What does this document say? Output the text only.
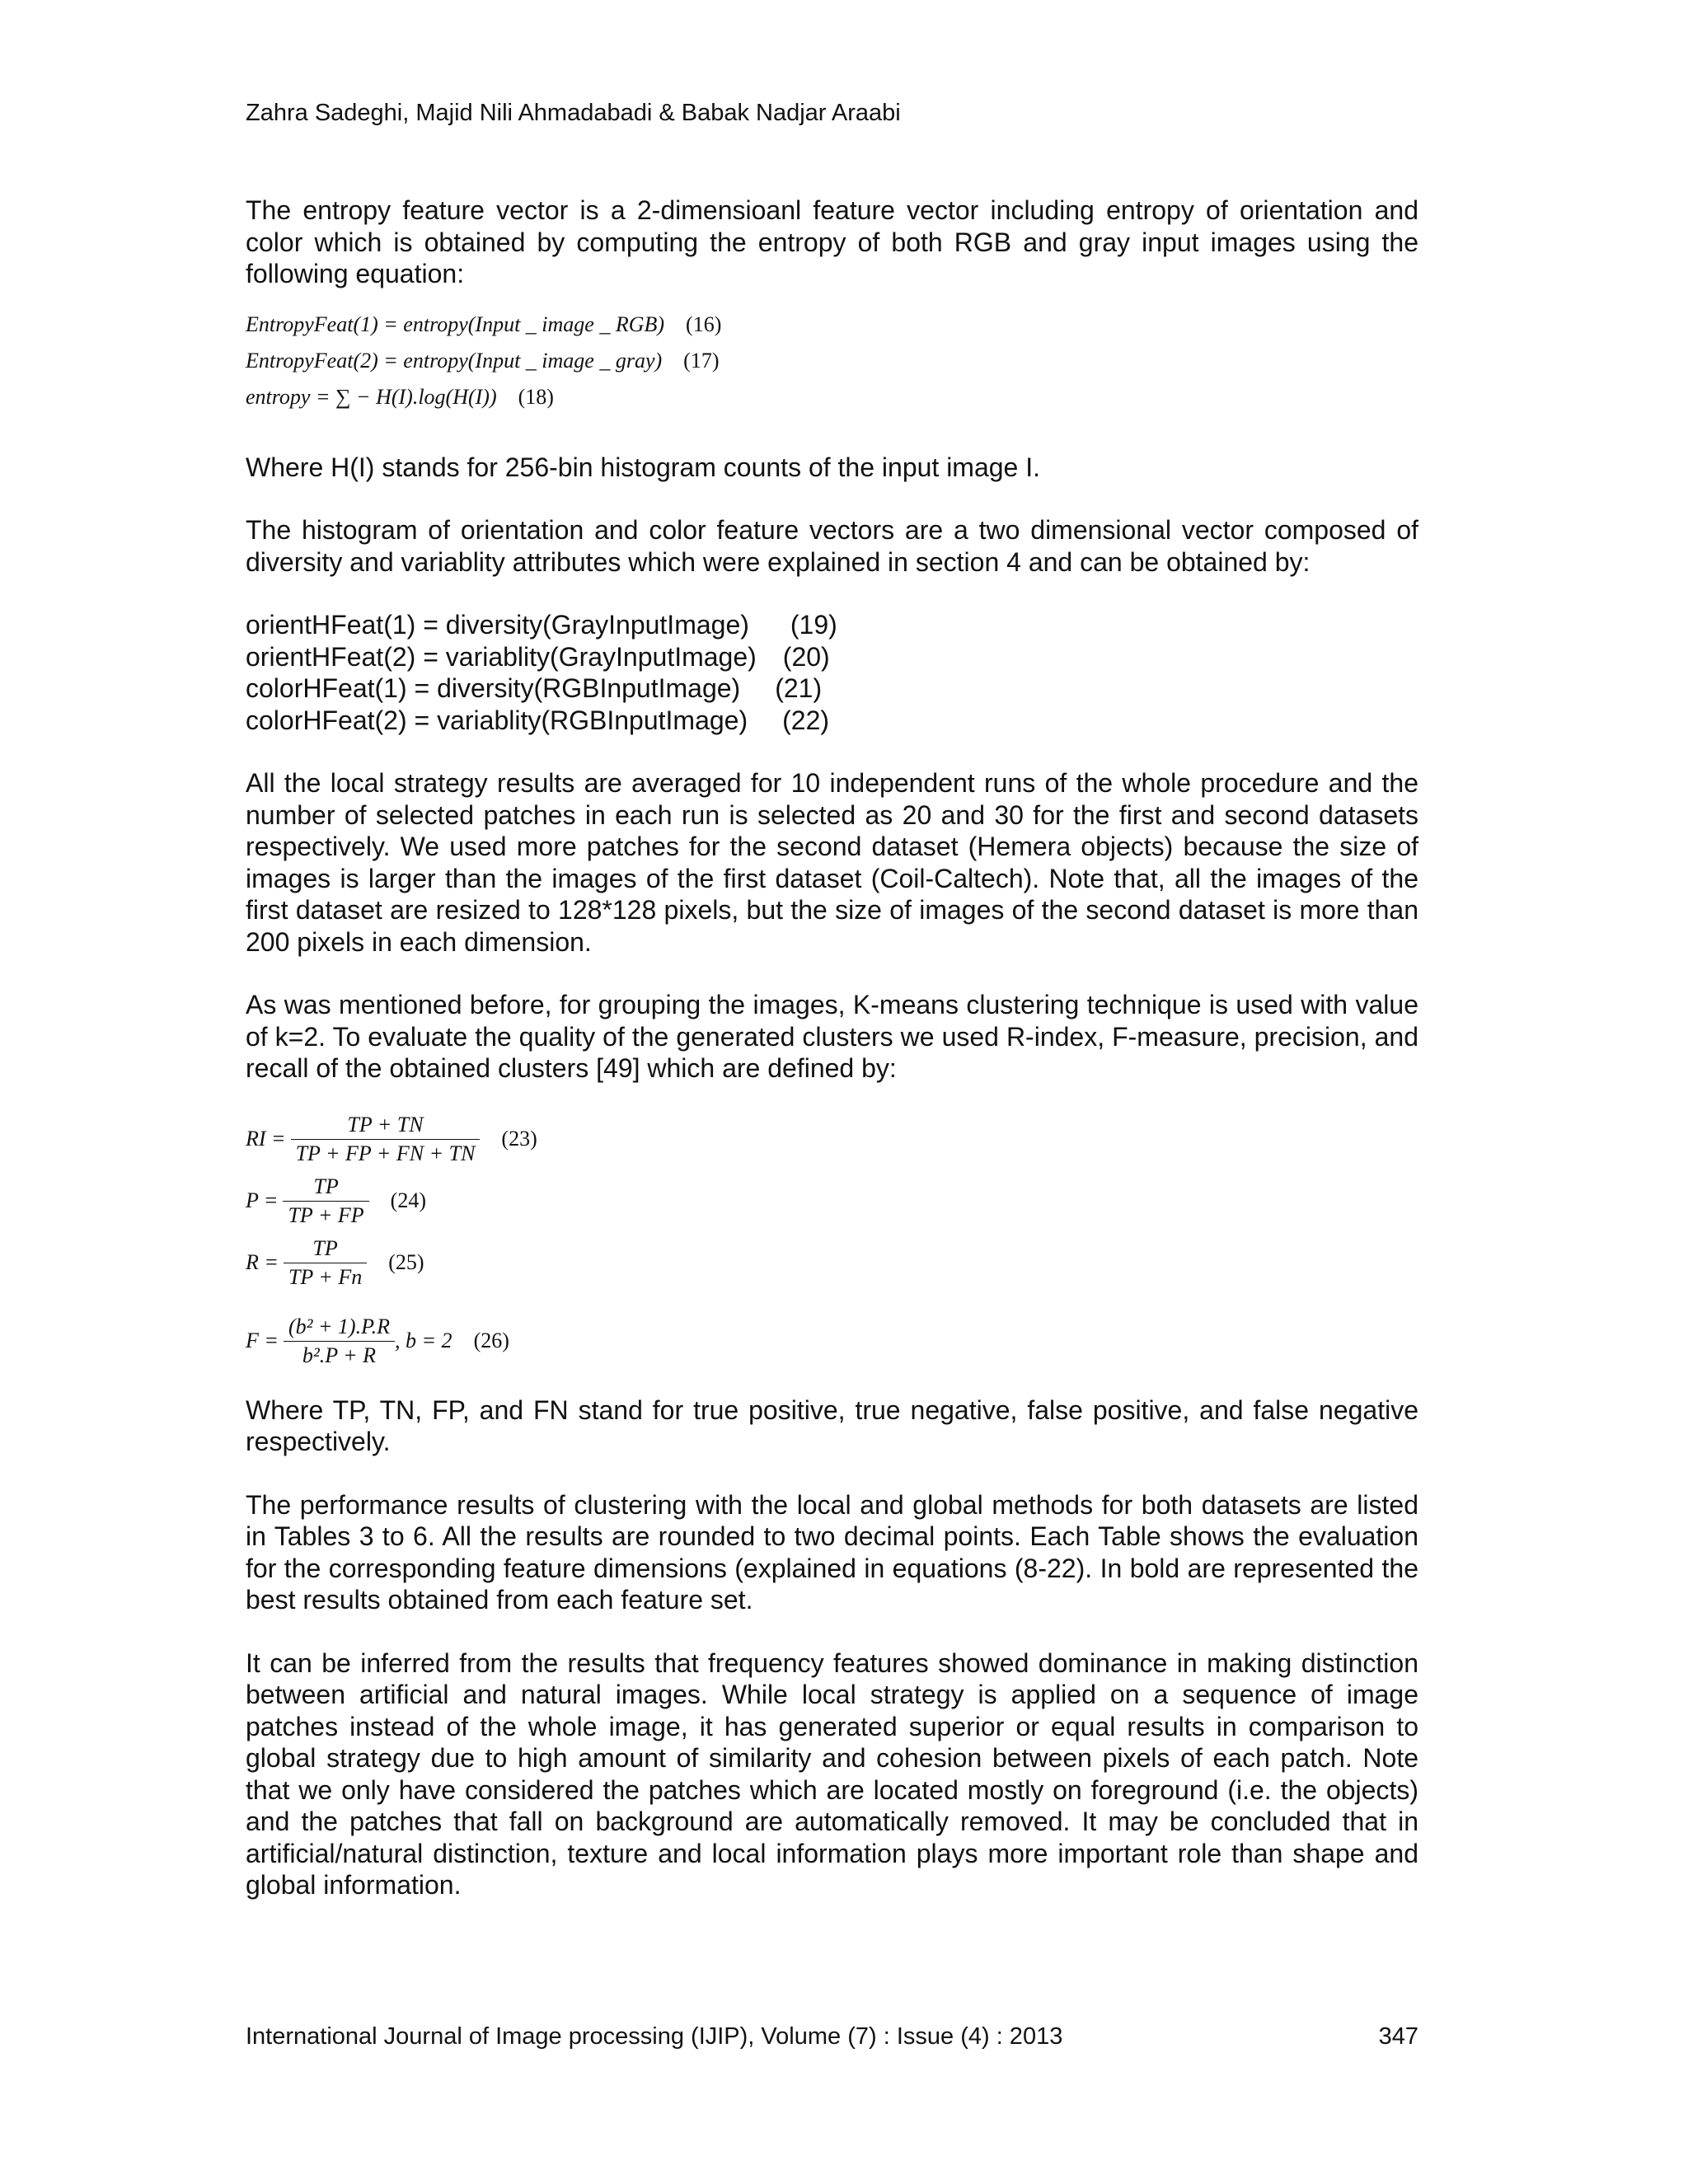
Zahra Sadeghi, Majid Nili Ahmadabadi & Babak Nadjar Araabi

The entropy feature vector is a 2-dimensioanl feature vector including entropy of orientation and color which is obtained by computing the entropy of both RGB and gray input images using the following equation:

EntropyFeat(1) = entropy(Input _ image _ RGB) (16)
EntropyFeat(2) = entropy(Input _ image _ gray) (17)
entropy = ∑ − H(I).log(H(I)) (18)

Where H(I) stands for 256-bin histogram counts of the input image I.

The histogram of orientation and color feature vectors are a two dimensional vector composed of diversity and variablity attributes which were explained in section 4 and can be obtained by:

orientHFeat(1) = diversity(GrayInputImage) (19)
orientHFeat(2) = variablity(GrayInputImage) (20)
colorHFeat(1) = diversity(RGBInputImage) (21)
colorHFeat(2) = variablity(RGBInputImage) (22)

All the local strategy results are averaged for 10 independent runs of the whole procedure and the number of selected patches in each run is selected as 20 and 30 for the first and second datasets respectively. We used more patches for the second dataset (Hemera objects) because the size of images is larger than the images of the first dataset (Coil-Caltech). Note that, all the images of the first dataset are resized to 128*128 pixels, but the size of images of the second dataset is more than 200 pixels in each dimension.

As was mentioned before, for grouping the images, K-means clustering technique is used with value of k=2. To evaluate the quality of the generated clusters we used R-index, F-measure, precision, and recall of the obtained clusters [49] which are defined by:

RI = $\frac{TP + TN}{TP + FP + FN + TN} (23)$
$P = \frac{TP}{TP + FP} (24)$
$R = \frac{TP}{TP + Fn} (25)$
$F = \frac{\text{(b² + 1).P.R}}{\text{b².P + R}}$ , b = 2 (26)

Where TP, TN, FP, and FN stand for true positive, true negative, false positive, and false negative respectively.

The performance results of clustering with the local and global methods for both datasets are listed in Tables 3 to 6. All the results are rounded to two decimal points. Each Table shows the evaluation for the corresponding feature dimensions (explained in equations (8-22). In bold are represented the best results obtained from each feature set.

It can be inferred from the results that frequency features showed dominance in making distinction between artificial and natural images. While local strategy is applied on a sequence of image patches instead of the whole image, it has generated superior or equal results in comparison to global strategy due to high amount of similarity and cohesion between pixels of each patch. Note that we only have considered the patches which are located mostly on foreground (i.e. the objects) and the patches that fall on background are automatically removed. It may be concluded that in artificial/natural distinction, texture and local information plays more important role than shape and global information.

International Journal of Image processing (IJIP), Volume (7) : Issue (4) : 2013	347
